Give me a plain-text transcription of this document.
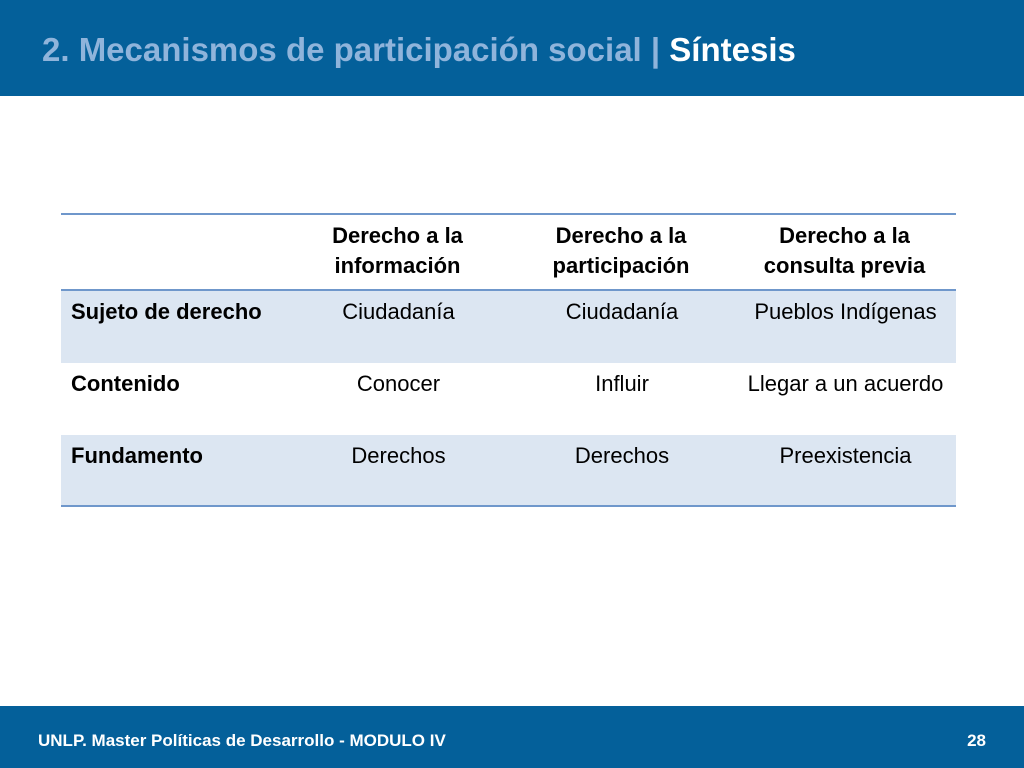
2. Mecanismos de participación social | Síntesis
	Derecho a la información	Derecho a la participación	Derecho a la consulta previa
Sujeto de derecho	Ciudadanía	Ciudadanía	Pueblos Indígenas
Contenido	Conocer	Influir	Llegar a un acuerdo
Fundamento	Derechos	Derechos	Preexistencia
UNLP. Master Políticas de Desarrollo - MODULO IV	28
